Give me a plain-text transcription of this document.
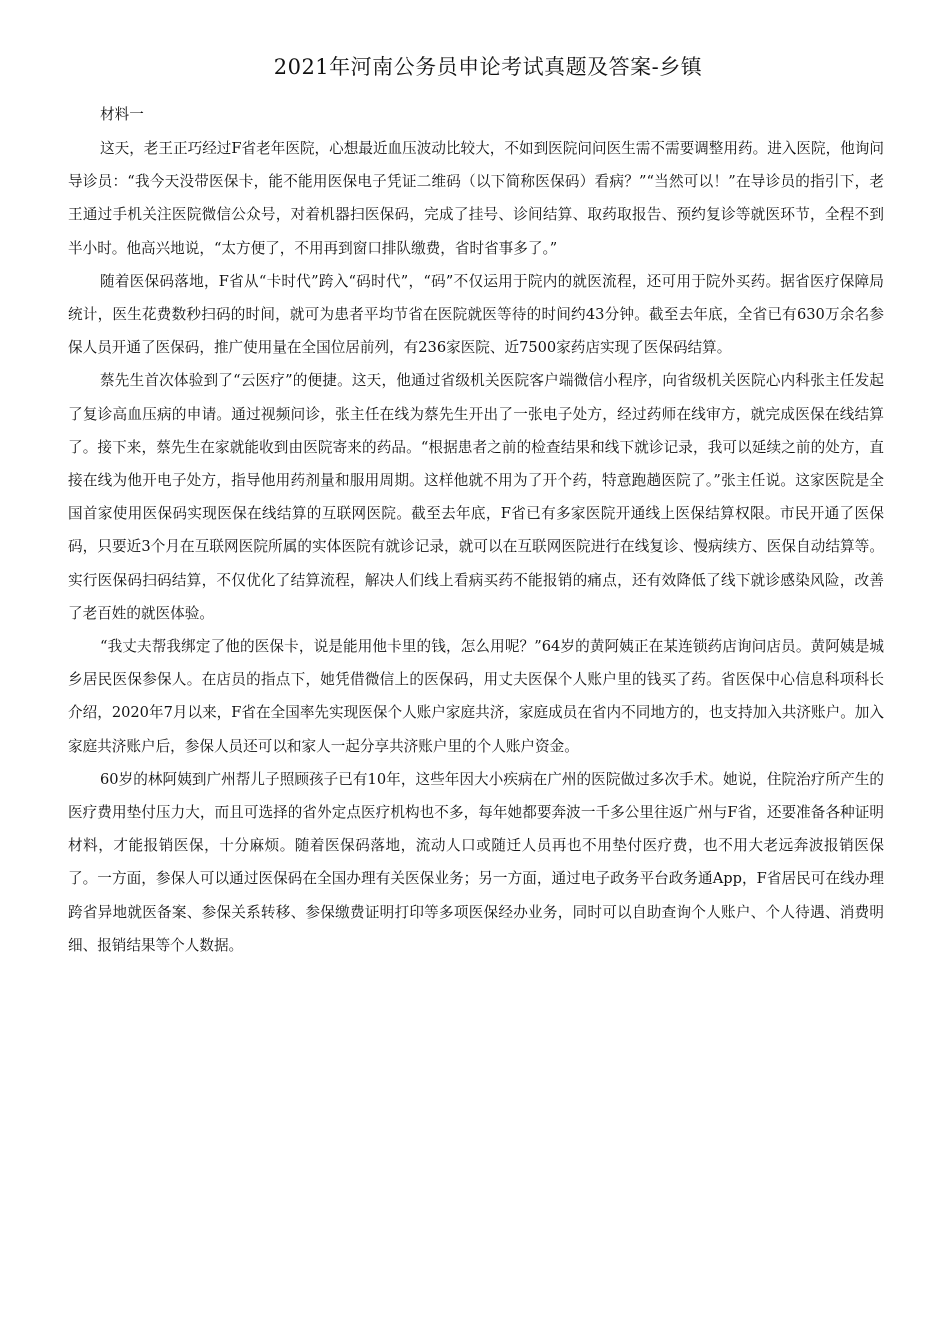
2021年河南公务员申论考试真题及答案-乡镇

材料一

这天，老王正巧经过F省老年医院，心想最近血压波动比较大，不如到医院问问医生需不需要调整用药。进入医院，他询问导诊员：“我今天没带医保卡，能不能用医保电子凭证二维码（以下简称医保码）看病？”“当然可以！”在导诊员的指引下，老王通过手机关注医院微信公众号，对着机器扫医保码，完成了挂号、诊间结算、取药取报告、预约复诊等就医环节，全程不到半小时。他高兴地说，“太方便了，不用再到窗口排队缴费，省时省事多了。”

随着医保码落地，F省从“卡时代”跨入“码时代”，“码”不仅运用于院内的就医流程，还可用于院外买药。据省医疗保障局统计，医生花费数秒扫码的时间，就可为患者平均节省在医院就医等待的时间约43分钟。截至去年底，全省已有630万余名参保人员开通了医保码，推广使用量在全国位居前列，有236家医院、近7500家药店实现了医保码结算。

蔡先生首次体验到了“云医疗”的便捷。这天，他通过省级机关医院客户端微信小程序，向省级机关医院心内科张主任发起了复诊高血压病的申请。通过视频问诊，张主任在线为蔡先生开出了一张电子处方，经过药师在线审方，就完成医保在线结算了。接下来，蔡先生在家就能收到由医院寄来的药品。“根据患者之前的检查结果和线下就诊记录，我可以延续之前的处方，直接在线为他开电子处方，指导他用药剂量和服用周期。这样他就不用为了开个药，特意跑趟医院了。”张主任说。这家医院是全国首家使用医保码实现医保在线结算的互联网医院。截至去年底，F省已有多家医院开通线上医保结算权限。市民开通了医保码，只要近3个月在互联网医院所属的实体医院有就诊记录，就可以在互联网医院进行在线复诊、慢病续方、医保自动结算等。实行医保码扫码结算，不仅优化了结算流程，解决人们线上看病买药不能报销的痛点，还有效降低了线下就诊感染风险，改善了老百姓的就医体验。

“我丈夫帮我绑定了他的医保卡，说是能用他卡里的钱，怎么用呢？”64岁的黄阿姨正在某连锁药店询问店员。黄阿姨是城乡居民医保参保人。在店员的指点下，她凭借微信上的医保码，用丈夫医保个人账户里的钱买了药。省医保中心信息科项科长介绍，2020年7月以来，F省在全国率先实现医保个人账户家庭共济，家庭成员在省内不同地方的，也支持加入共济账户。加入家庭共济账户后，参保人员还可以和家人一起分享共济账户里的个人账户资金。

60岁的林阿姨到广州帮儿子照顾孩子已有10年，这些年因大小疾病在广州的医院做过多次手术。她说，住院治疗所产生的医疗费用垫付压力大，而且可选择的省外定点医疗机构也不多，每年她都要奔波一千多公里往返广州与F省，还要准备各种证明材料，才能报销医保，十分麻烦。随着医保码落地，流动人口或随迁人员再也不用垫付医疗费，也不用大老远奔波报销医保了。一方面，参保人可以通过医保码在全国办理有关医保业务；另一方面，通过电子政务平台政务通App，F省居民可在线办理跨省异地就医备案、参保关系转移、参保缴费证明打印等多项医保经办业务，同时可以自助查询个人账户、个人待遇、消费明细、报销结果等个人数据。
